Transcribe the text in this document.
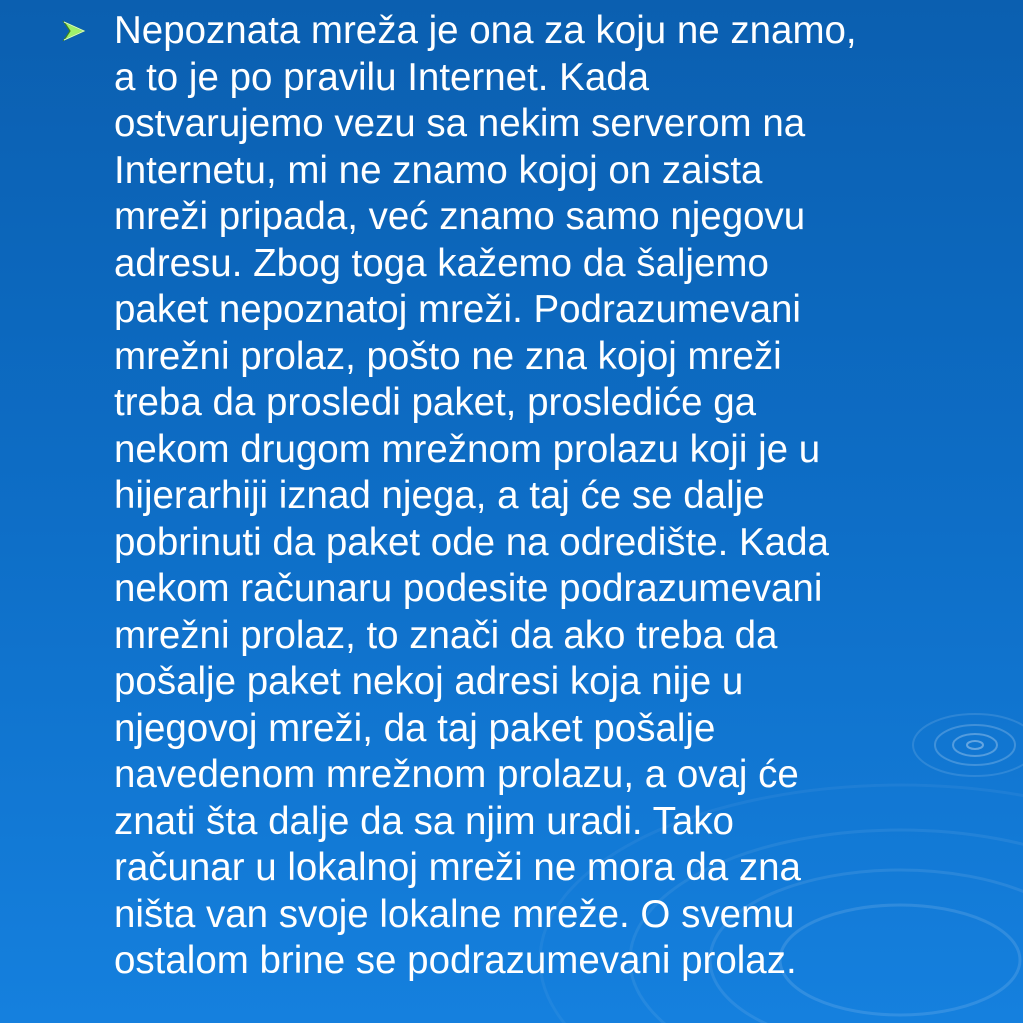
Nepoznata mreža je ona za koju ne znamo,
a to je po pravilu Internet. Kada
ostvarujemo vezu sa nekim serverom na
Internetu, mi ne znamo kojoj on zaista
mreži pripada, već znamo samo njegovu
adresu. Zbog toga kažemo da šaljemo
paket nepoznatoj mreži. Podrazumevani
mrežni prolaz, pošto ne zna kojoj mreži
treba da prosledi paket, prosledi​će ga
nekom drugom mrežnom prolazu koji je u
hijerarhiji iznad njega, a taj će se dalje
pobrinuti da paket ode na odredište. Kada
nekom računaru podesite podrazumevani
mrežni prolaz, to znači da ako treba da
pošalje paket nekoj adresi koja nije u
njegovoj mreži, da taj paket pošalje
navedenom mrežnom prolazu, a ovaj će
znati šta dalje da sa njim uradi. Tako
računar u lokalnoj mreži ne mora da zna
ništa van svoje lokalne mreže. O svemu
ostalom brine se podrazumevani prolaz.
